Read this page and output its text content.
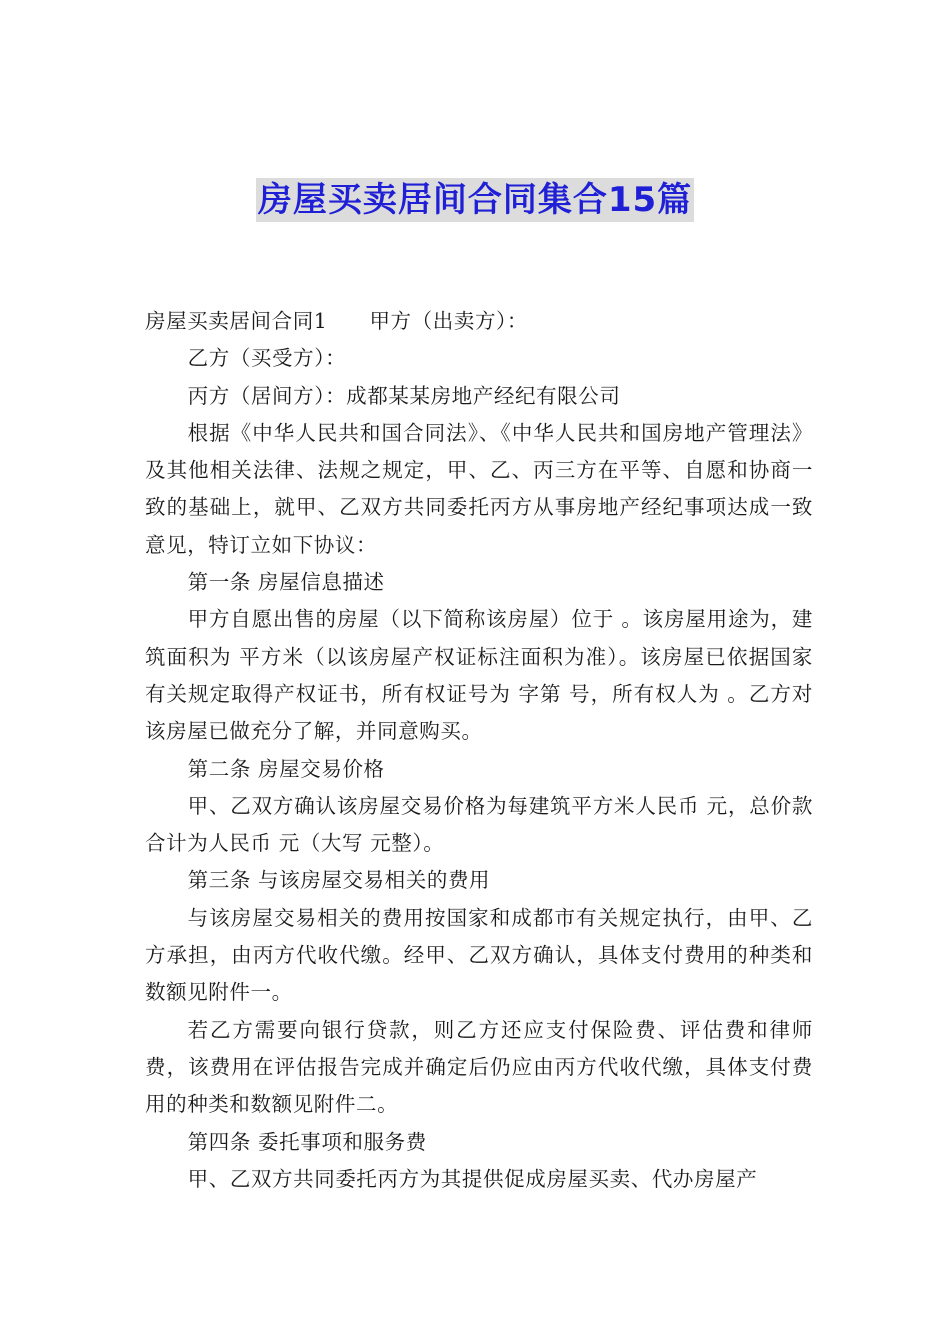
房屋买卖居间合同集合15篇

房屋买卖居间合同1 甲方（出卖方）：

乙方（买受方）：

丙方（居间方）：成都某某房地产经纪有限公司

根据《中华人民共和国合同法》、《中华人民共和国房地产管理法》及其他相关法律、法规之规定，甲、乙、丙三方在平等、自愿和协商一致的基础上，就甲、乙双方共同委托丙方从事房地产经纪事项达成一致意见，特订立如下协议：

第一条 房屋信息描述

甲方自愿出售的房屋（以下简称该房屋）位于 。该房屋用途为，建筑面积为 平方米（以该房屋产权证标注面积为准）。该房屋已依据国家有关规定取得产权证书，所有权证号为 字第 号，所有权人为 。乙方对该房屋已做充分了解，并同意购买。

第二条 房屋交易价格

甲、乙双方确认该房屋交易价格为每建筑平方米人民币 元，总价款合计为人民币 元（大写 元整）。

第三条 与该房屋交易相关的费用

与该房屋交易相关的费用按国家和成都市有关规定执行，由甲、乙方承担，由丙方代收代缴。经甲、乙双方确认，具体支付费用的种类和数额见附件一。

若乙方需要向银行贷款，则乙方还应支付保险费、评估费和律师费，该费用在评估报告完成并确定后仍应由丙方代收代缴，具体支付费用的种类和数额见附件二。

第四条 委托事项和服务费

甲、乙双方共同委托丙方为其提供促成房屋买卖、代办房屋产
